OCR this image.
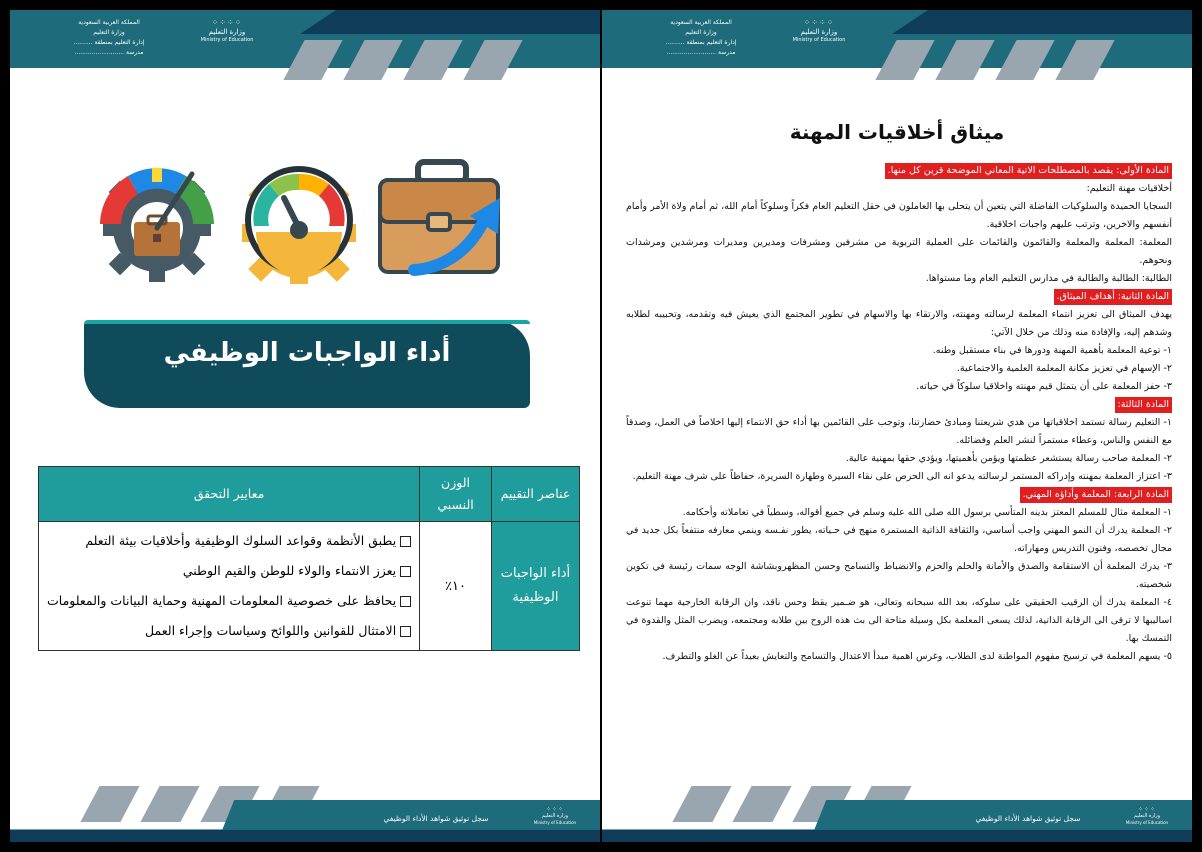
المملكة العربية السعودية
وزارة التعليم
إدارة التعليم بمنطقة ..........
مدرسة ..........................
⁘⁘⁘⁘
وزارة التعليم
Ministry of Education
أداء الواجبات الوظيفي
عناصر التقييم	الوزن النسبي	معايير التحقق
أداء الواجبات الوظيفية	١٠٪	يطبق الأنظمة وقواعد السلوك الوظيفية وأخلاقيات بيئة التعلم
يعزز الانتماء والولاء للوطن والقيم الوطني
يحافظ على خصوصية المعلومات المهنية وحماية البيانات والمعلومات
الامتثال للقوانين واللوائح وسياسات وإجراء العمل
سجل توثيق شواهد الأداء الوظيفي
⁘⁘⁘
وزارة التعليم
Ministry of Education
المملكة العربية السعودية
وزارة التعليم
إدارة التعليم بمنطقة ..........
مدرسة ..........................
⁘⁘⁘⁘
وزارة التعليم
Ministry of Education
ميثاق أخلاقيات المهنة
المادة الأولى: يقصد بالمصطلحات الاتية المعاني الموضحة قرين كل منها.
أخلاقيات مهنة التعليم:
السجايا الحميدة والسلوكيات الفاضلة التي يتعين أن يتحلى بها العاملون في حقل التعليم العام فكراً وسلوكاً أمام الله، ثم أمام ولاة الأمر وأمام أنفسهم والاخرين، وترتب عليهم واجبات اخلاقية.
المعلمة: المعلمة والمعلمة والقائمون والقائمات على العملية التربوية من مشرفين ومشرفات ومديرين ومديرات ومرشدين ومرشدات ونحوهم.
الطالبة: الطالبة والطالبة في مدارس التعليم العام وما مستواها.
المادة الثانية: أهداف الميثاق.
يهدف الميثاق الى تعزيز انتماء المعلمة لرسالته ومهنته، والارتقاء بها والاسهام في تطوير المجتمع الذي يعيش فيه وتقدمه، وتحبيبه لطلابه وشدهم إليه، والإفادة منه وذلك من خلال الآتي:
١- توعية المعلمة بأهمية المهنة ودورها في بناء مستقبل وطنه.
٢- الإسهام في تعزيز مكانة المعلمة العلمية والاجتماعية.
٣- حفز المعلمة على أن يتمثل قيم مهنته واخلاقيا سلوكاً في حياته.
المادة الثالثة:
١- التعليم رسالة تستمد اخلاقياتها من هدي شريعتنا ومبادئ حضارتنا، وتوجب على القائمين بها أداء حق الانتماء إليها اخلاصاً في العمل، وصدقاً مع النفس والناس، وعطاء مستمراً لنشر العلم وفضائله.
٢- المعلمة صاحب رسالة يستشعر عظمتها ويؤمن بأهميتها، ويؤدي حقها بمهنية عالية.
٣- اعتزاز المعلمة بمهنته وإدراكه المستمر لرسالته يدعو انه الى الحرص على نقاء السيرة وطهارة السريرة، حفاظاً على شرف مهنة التعليم.
المادة الرابعة: المعلمة وأداؤه المهني.
١- المعلمة مثال للمسلم المعتز بدينه المتأسي برسول الله صلى الله عليه وسلم في جميع أقواله، وسطياً في تعاملاته وأحكامه.
٢- المعلمة يدرك أن النمو المهني واجب أساسي، والثقافة الذاتية المستمرة منهج في حـياته، يطور نفـسه وينمي معارفه منتفعاً بكل جديد في مجال تخصصه، وفنون التدريس ومهاراته.
٣- يدرك المعلمة أن الاستقامة والصدق والأمانة والحلم والحزم والانضباط والتسامح وحسن المظهروبشاشة الوجه سمات رئيسة في تكوين شخصيته.
٤- المعلمة يدرك أن الرقيب الحقيقي على سلوكه، بعد الله سبحانه وتعالى، هو ضـمير يقظ وحس ناقد، وان الرقابة الخارجية مهما تنوعت اساليبها لا ترقى الى الرقابة الذاتية، لذلك يسعى المعلمة بكل وسيلة متاحة الى بث هذه الروح بين طلابه ومجتمعه، ويضرب المثل والقدوة في التمسك بها.
٥- يسهم المعلمة في ترسيخ مفهوم المواطنة لدى الطلاب، وغرس اهمية مبدأ الاعتدال والتسامح والتعايش بعيداً عن الغلو والتطرف.
سجل توثيق شواهد الأداء الوظيفي
⁘⁘⁘
وزارة التعليم
Ministry of Education
